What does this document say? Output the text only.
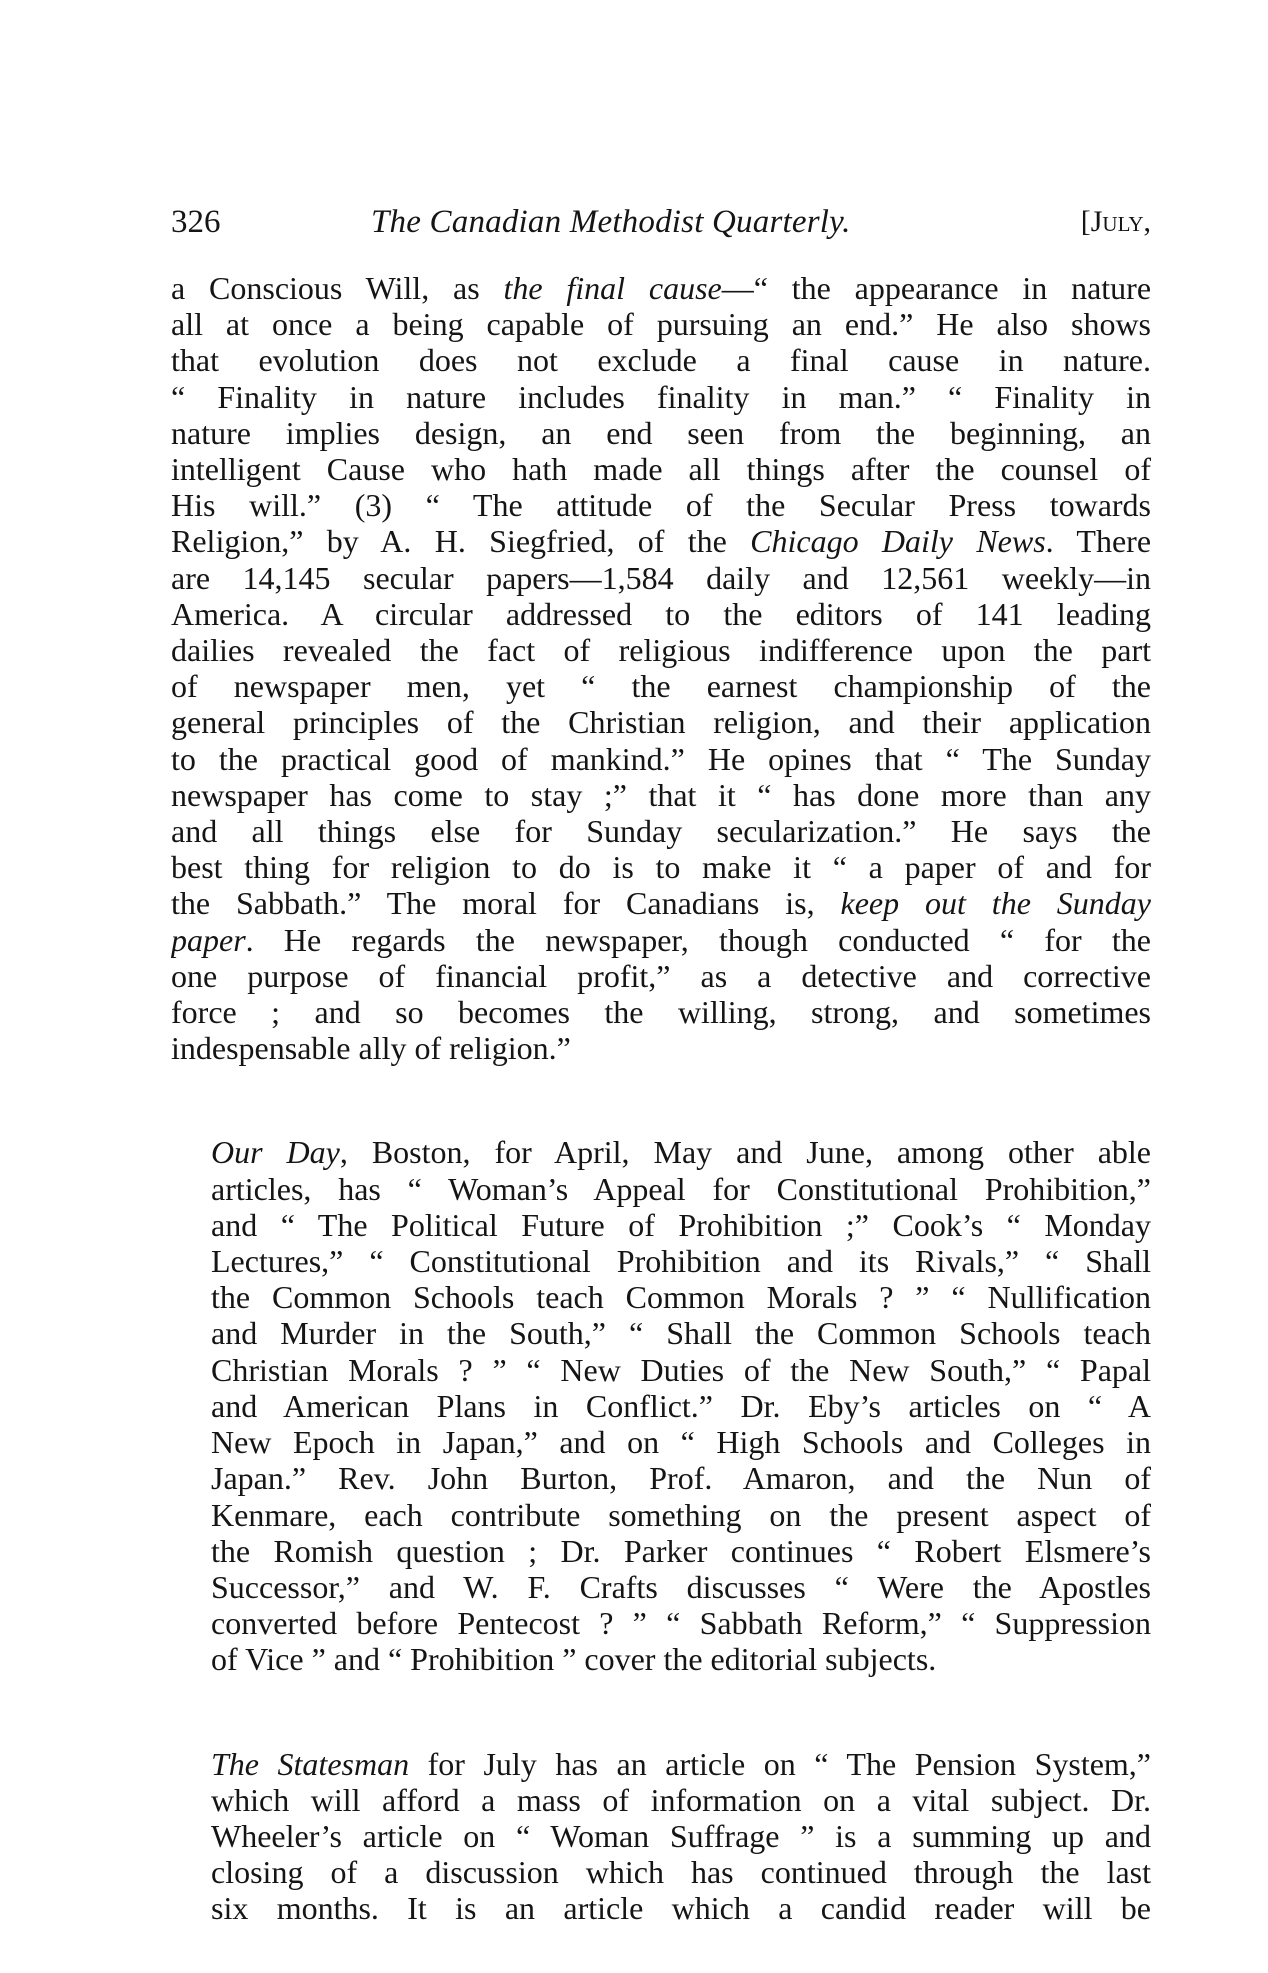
326	The Canadian Methodist Quarterly.	[July,

a Conscious Will, as the final cause—“ the appearance in nature
all at once a being capable of pursuing an end.” He also shows
that evolution does not exclude a final cause in nature.
“ Finality in nature includes finality in man.” “ Finality in
nature implies design, an end seen from the beginning, an
intelligent Cause who hath made all things after the counsel of
His will.” (3) “ The attitude of the Secular Press towards
Religion,” by A. H. Siegfried, of the Chicago Daily News. There
are 14,145 secular papers—1,584 daily and 12,561 weekly—in
America. A circular addressed to the editors of 141 leading
dailies revealed the fact of religious indifference upon the part
of newspaper men, yet “ the earnest championship of the
general principles of the Christian religion, and their application
to the practical good of mankind.” He opines that “ The Sunday
newspaper has come to stay ;” that it “ has done more than any
and all things else for Sunday secularization.” He says the
best thing for religion to do is to make it “ a paper of and for
the Sabbath.” The moral for Canadians is, keep out the Sunday
paper. He regards the newspaper, though conducted “ for the
one purpose of financial profit,” as a detective and corrective
force ; and so becomes the willing, strong, and sometimes
indespensable ally of religion.”

Our Day, Boston, for April, May and June, among other able
articles, has “ Woman’s Appeal for Constitutional Prohibition,”
and “ The Political Future of Prohibition ;” Cook’s “ Monday
Lectures,” “ Constitutional Prohibition and its Rivals,” “ Shall
the Common Schools teach Common Morals ? ” “ Nullification
and Murder in the South,” “ Shall the Common Schools teach
Christian Morals ? ” “ New Duties of the New South,” “ Papal
and American Plans in Conflict.” Dr. Eby’s articles on “ A
New Epoch in Japan,” and on “ High Schools and Colleges in
Japan.” Rev. John Burton, Prof. Amaron, and the Nun of
Kenmare, each contribute something on the present aspect of
the Romish question ; Dr. Parker continues “ Robert Elsmere’s
Successor,” and W. F. Crafts discusses “ Were the Apostles
converted before Pentecost ? ” “ Sabbath Reform,” “ Suppression
of Vice ” and “ Prohibition ” cover the editorial subjects.

The Statesman for July has an article on “ The Pension System,”
which will afford a mass of information on a vital subject. Dr.
Wheeler’s article on “ Woman Suffrage ” is a summing up and
closing of a discussion which has continued through the last
six months. It is an article which a candid reader will be
